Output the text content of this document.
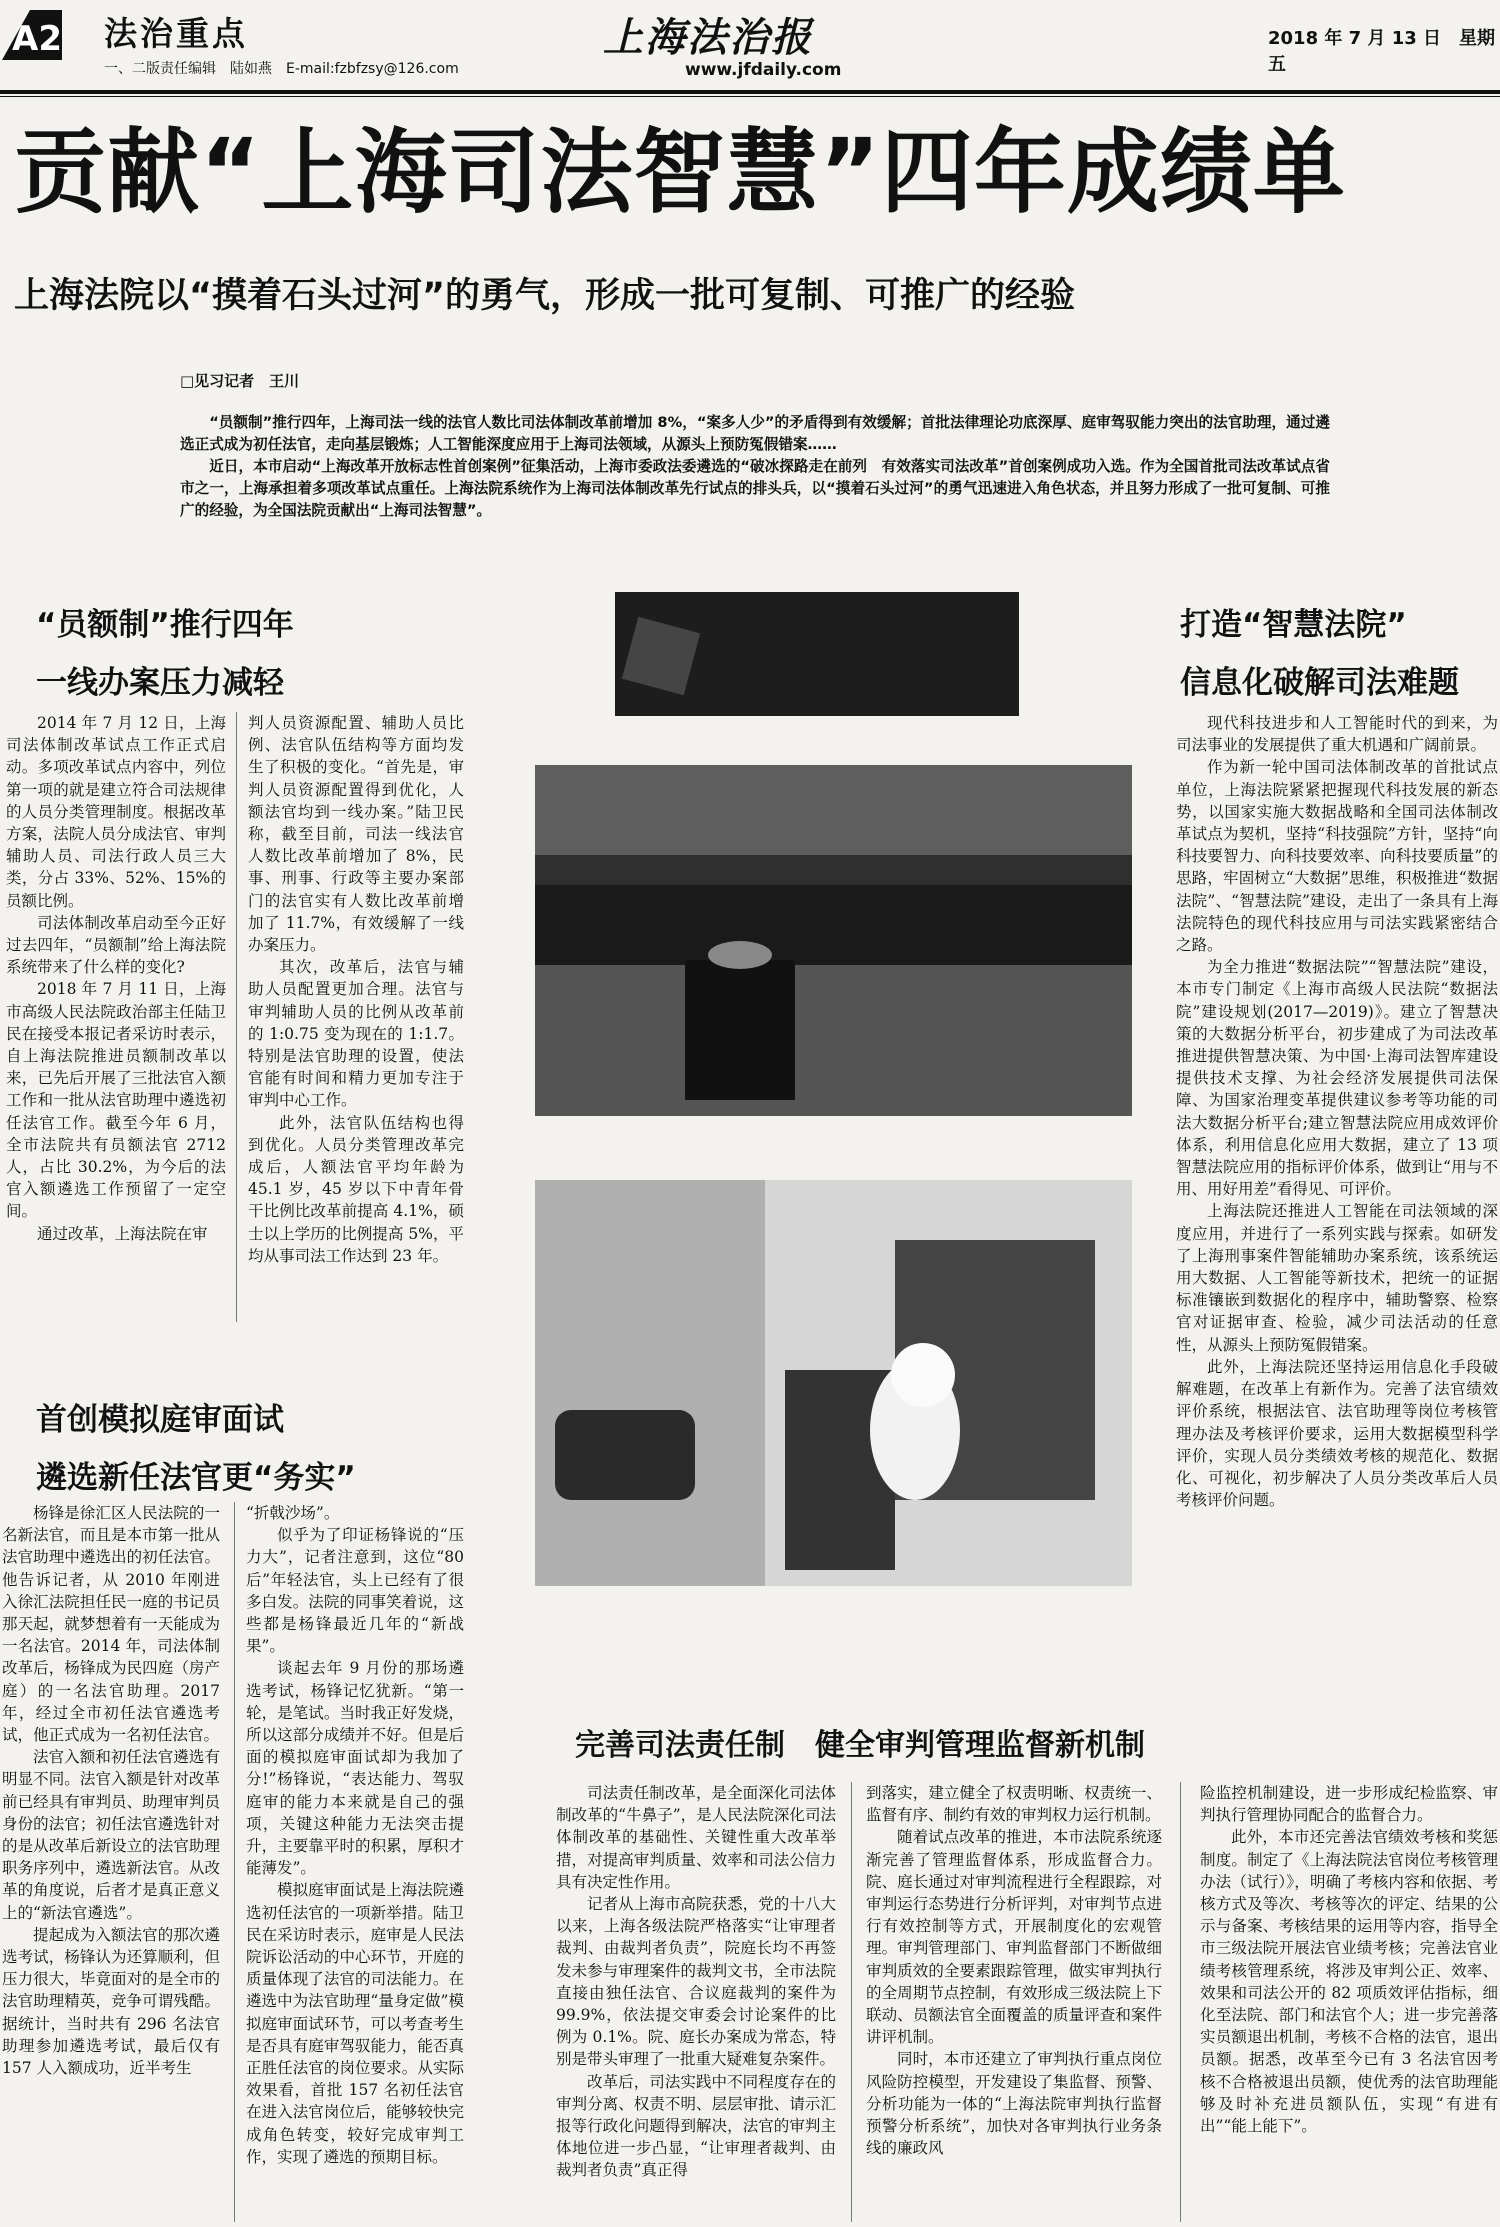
A2 法治重点
一、二版责任编辑　陆如燕　E-mail:fzbfzsy@126.com
上海法治报
www.jfdaily.com
2018 年 7 月 13 日　星期五
贡献“上海司法智慧”四年成绩单
上海法院以“摸着石头过河”的勇气，形成一批可复制、可推广的经验
□见习记者　王川

“员额制”推行四年，上海司法一线的法官人数比司法体制改革前增加 8%，“案多人少”的矛盾得到有效缓解；首批法律理论功底深厚、庭审驾驭能力突出的法官助理，通过遴选正式成为初任法官，走向基层锻炼；人工智能深度应用于上海司法领域，从源头上预防冤假错案……

近日，本市启动“上海改革开放标志性首创案例”征集活动，上海市委政法委遴选的“破冰探路走在前列　有效落实司法改革”首创案例成功入选。作为全国首批司法改革试点省市之一，上海承担着多项改革试点重任。上海法院系统作为上海司法体制改革先行试点的排头兵，以“摸着石头过河”的勇气迅速进入角色状态，并且努力形成了一批可复制、可推广的经验，为全国法院贡献出“上海司法智慧”。

“员额制”推行四年
一线办案压力减轻

2014 年 7 月 12 日，上海司法体制改革试点工作正式启动。多项改革试点内容中，列位第一项的就是建立符合司法规律的人员分类管理制度。根据改革方案，法院人员分成法官、审判辅助人员、司法行政人员三大类，分占 33%、52%、15%的员额比例。

司法体制改革启动至今正好过去四年，“员额制”给上海法院系统带来了什么样的变化?

2018 年 7 月 11 日，上海市高级人民法院政治部主任陆卫民在接受本报记者采访时表示，自上海法院推进员额制改革以来，已先后开展了三批法官入额工作和一批从法官助理中遴选初任法官工作。截至今年 6 月，全市法院共有员额法官 2712 人，占比 30.2%，为今后的法官入额遴选工作预留了一定空间。

通过改革，上海法院在审

判人员资源配置、辅助人员比例、法官队伍结构等方面均发生了积极的变化。“首先是，审判人员资源配置得到优化，人额法官均到一线办案。”陆卫民称，截至目前，司法一线法官人数比改革前增加了 8%，民事、刑事、行政等主要办案部门的法官实有人数比改革前增加了 11.7%，有效缓解了一线办案压力。

其次，改革后，法官与辅助人员配置更加合理。法官与审判辅助人员的比例从改革前的 1:0.75 变为现在的 1:1.7。特别是法官助理的设置，使法官能有时间和精力更加专注于审判中心工作。

此外，法官队伍结构也得到优化。人员分类管理改革完成后，人额法官平均年龄为 45.1 岁，45 岁以下中青年骨干比例比改革前提高 4.1%，硕士以上学历的比例提高 5%，平均从事司法工作达到 23 年。

首创模拟庭审面试
遴选新任法官更“务实”

杨锋是徐汇区人民法院的一名新法官，而且是本市第一批从法官助理中遴选出的初任法官。他告诉记者，从 2010 年刚进入徐汇法院担任民一庭的书记员那天起，就梦想着有一天能成为一名法官。2014 年，司法体制改革后，杨锋成为民四庭（房产庭）的一名法官助理。2017 年，经过全市初任法官遴选考试，他正式成为一名初任法官。

法官入额和初任法官遴选有明显不同。法官入额是针对改革前已经具有审判员、助理审判员身份的法官；初任法官遴选针对的是从改革后新设立的法官助理职务序列中，遴选新法官。从改革的角度说，后者才是真正意义上的“新法官遴选”。

提起成为入额法官的那次遴选考试，杨锋认为还算顺利，但压力很大，毕竟面对的是全市的法官助理精英，竞争可谓残酷。据统计，当时共有 296 名法官助理参加遴选考试，最后仅有 157 人入额成功，近半考生

“折戟沙场”。

似乎为了印证杨锋说的“压力大”，记者注意到，这位“80 后”年轻法官，头上已经有了很多白发。法院的同事笑着说，这些都是杨锋最近几年的“新战果”。

谈起去年 9 月份的那场遴选考试，杨锋记忆犹新。“第一轮，是笔试。当时我正好发烧，所以这部分成绩并不好。但是后面的模拟庭审面试却为我加了分!”杨锋说，“表达能力、驾驭庭审的能力本来就是自己的强项，关键这种能力无法突击提升，主要靠平时的积累，厚积才能薄发”。

模拟庭审面试是上海法院遴选初任法官的一项新举措。陆卫民在采访时表示，庭审是人民法院诉讼活动的中心环节，开庭的质量体现了法官的司法能力。在遴选中为法官助理“量身定做”模拟庭审面试环节，可以考查考生是否具有庭审驾驭能力，能否真正胜任法官的岗位要求。从实际效果看，首批 157 名初任法官在进入法官岗位后，能够较快完成角色转变，较好完成审判工作，实现了遴选的预期目标。

打造“智慧法院”
信息化破解司法难题

现代科技进步和人工智能时代的到来，为司法事业的发展提供了重大机遇和广阔前景。

作为新一轮中国司法体制改革的首批试点单位，上海法院紧紧把握现代科技发展的新态势，以国家实施大数据战略和全国司法体制改革试点为契机，坚持“科技强院”方针，坚持“向科技要智力、向科技要效率、向科技要质量”的思路，牢固树立“大数据”思维，积极推进“数据法院”、“智慧法院”建设，走出了一条具有上海法院特色的现代科技应用与司法实践紧密结合之路。

为全力推进“数据法院”“智慧法院”建设，本市专门制定《上海市高级人民法院“数据法院”建设规划(2017—2019)》。建立了智慧决策的大数据分析平台，初步建成了为司法改革推进提供智慧决策、为中国·上海司法智库建设提供技术支撑、为社会经济发展提供司法保障、为国家治理变革提供建议参考等功能的司法大数据分析平台;建立智慧法院应用成效评价体系，利用信息化应用大数据，建立了 13 项智慧法院应用的指标评价体系，做到让“用与不用、用好用差”看得见、可评价。

上海法院还推进人工智能在司法领域的深度应用，并进行了一系列实践与探索。如研发了上海刑事案件智能辅助办案系统，该系统运用大数据、人工智能等新技术，把统一的证据标准镶嵌到数据化的程序中，辅助警察、检察官对证据审查、检验，减少司法活动的任意性，从源头上预防冤假错案。

此外，上海法院还坚持运用信息化手段破解难题，在改革上有新作为。完善了法官绩效评价系统，根据法官、法官助理等岗位考核管理办法及考核评价要求，运用大数据模型科学评价，实现人员分类绩效考核的规范化、数据化、可视化，初步解决了人员分类改革后人员考核评价问题。

完善司法责任制　健全审判管理监督新机制

司法责任制改革，是全面深化司法体制改革的“牛鼻子”，是人民法院深化司法体制改革的基础性、关键性重大改革举措，对提高审判质量、效率和司法公信力具有决定性作用。

记者从上海市高院获悉，党的十八大以来，上海各级法院严格落实“让审理者裁判、由裁判者负责”，院庭长均不再签发未参与审理案件的裁判文书，全市法院直接由独任法官、合议庭裁判的案件为 99.9%，依法提交审委会讨论案件的比例为 0.1%。院、庭长办案成为常态，特别是带头审理了一批重大疑难复杂案件。

改革后，司法实践中不同程度存在的审判分离、权责不明、层层审批、请示汇报等行政化问题得到解决，法官的审判主体地位进一步凸显，“让审理者裁判、由裁判者负责”真正得

到落实，建立健全了权责明晰、权责统一、监督有序、制约有效的审判权力运行机制。

随着试点改革的推进，本市法院系统逐渐完善了管理监督体系，形成监督合力。院、庭长通过对审判流程进行全程跟踪，对审判运行态势进行分析评判，对审判节点进行有效控制等方式，开展制度化的宏观管理。审判管理部门、审判监督部门不断做细审判质效的全要素跟踪管理，做实审判执行的全周期节点控制，有效形成三级法院上下联动、员额法官全面覆盖的质量评查和案件讲评机制。

同时，本市还建立了审判执行重点岗位风险防控模型，开发建设了集监督、预警、分析功能为一体的“上海法院审判执行监督预警分析系统”，加快对各审判执行业务条线的廉政风

险监控机制建设，进一步形成纪检监察、审判执行管理协同配合的监督合力。

此外，本市还完善法官绩效考核和奖惩制度。制定了《上海法院法官岗位考核管理办法（试行）》，明确了考核内容和依据、考核方式及等次、考核等次的评定、结果的公示与备案、考核结果的运用等内容，指导全市三级法院开展法官业绩考核；完善法官业绩考核管理系统，将涉及审判公正、效率、效果和司法公开的 82 项质效评估指标，细化至法院、部门和法官个人；进一步完善落实员额退出机制，考核不合格的法官，退出员额。据悉，改革至今已有 3 名法官因考核不合格被退出员额，使优秀的法官助理能够及时补充进员额队伍，实现“有进有出”“能上能下”。
